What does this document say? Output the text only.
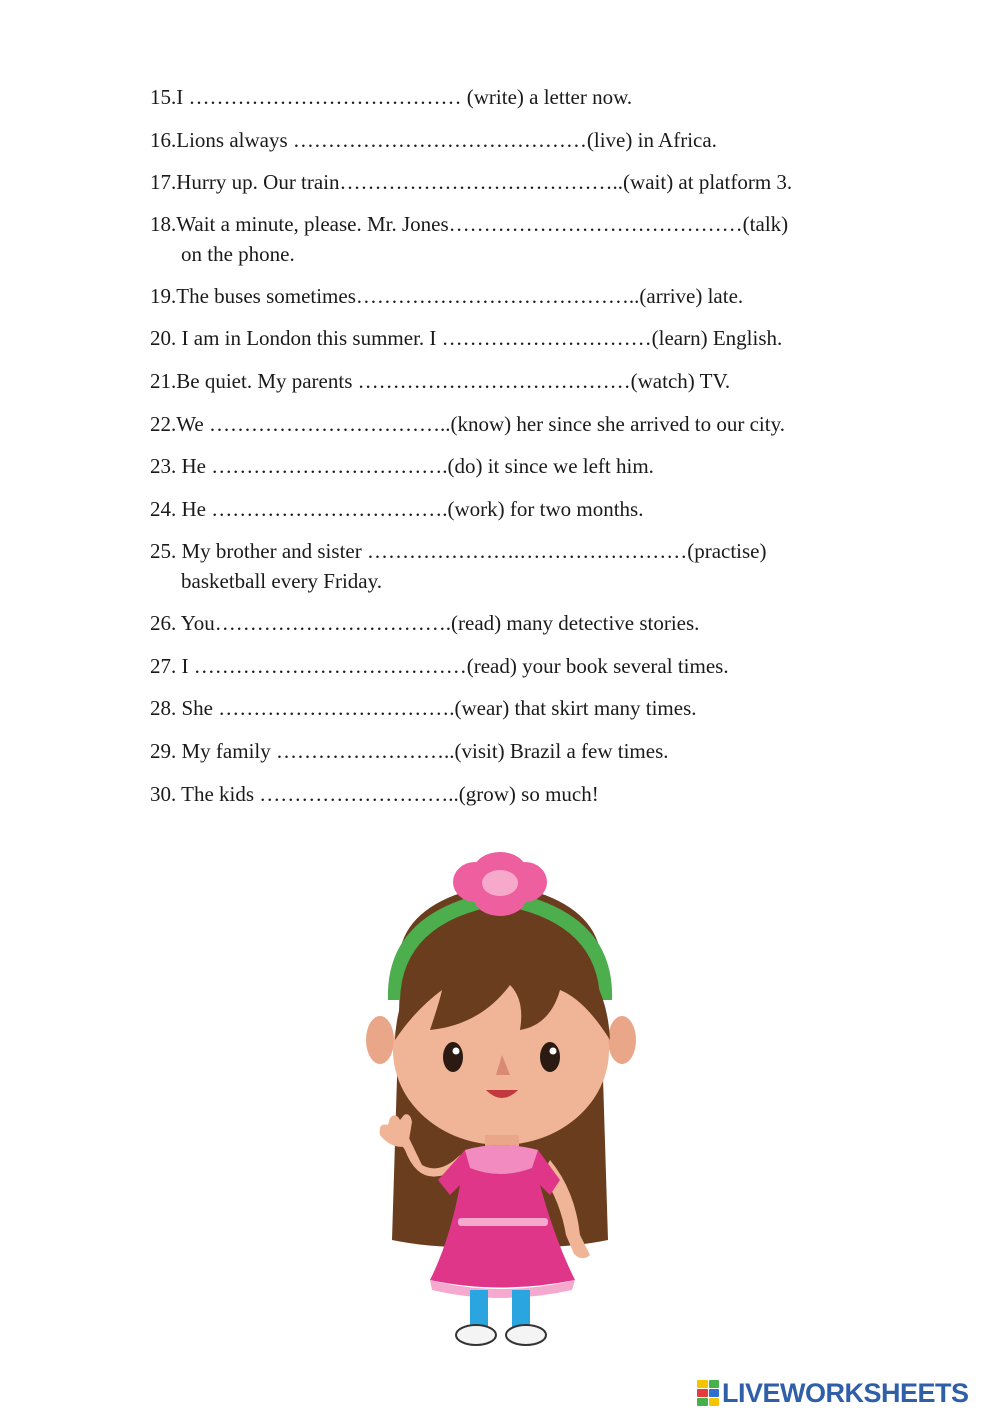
15.I ………………………………… (write) a letter now.
16.Lions always ……………………………………(live) in Africa.
17.Hurry up. Our train…………………………………..(wait) at platform 3.
18.Wait a minute, please. Mr. Jones……………………………………(talk)
on the phone.
19.The buses sometimes…………………………………..(arrive) late.
20. I am in London this summer. I …………………………(learn) English.
21.Be quiet. My parents …………………………………(watch) TV.
22.We ……………………………..(know) her since she arrived to our city.
23. He …………………………….(do) it since we left him.
24. He …………………………….(work) for two months.
25. My brother and sister ………………….……………………(practise)
basketball every Friday.
26. You…………………………….(read) many detective stories.
27. I …………………………………(read) your book several times.
28. She …………………………….(wear) that skirt many times.
29. My family ……………………..(visit) Brazil a few times.
30. The kids ………………………..(grow) so much!
LIVEWORKSHEETS
